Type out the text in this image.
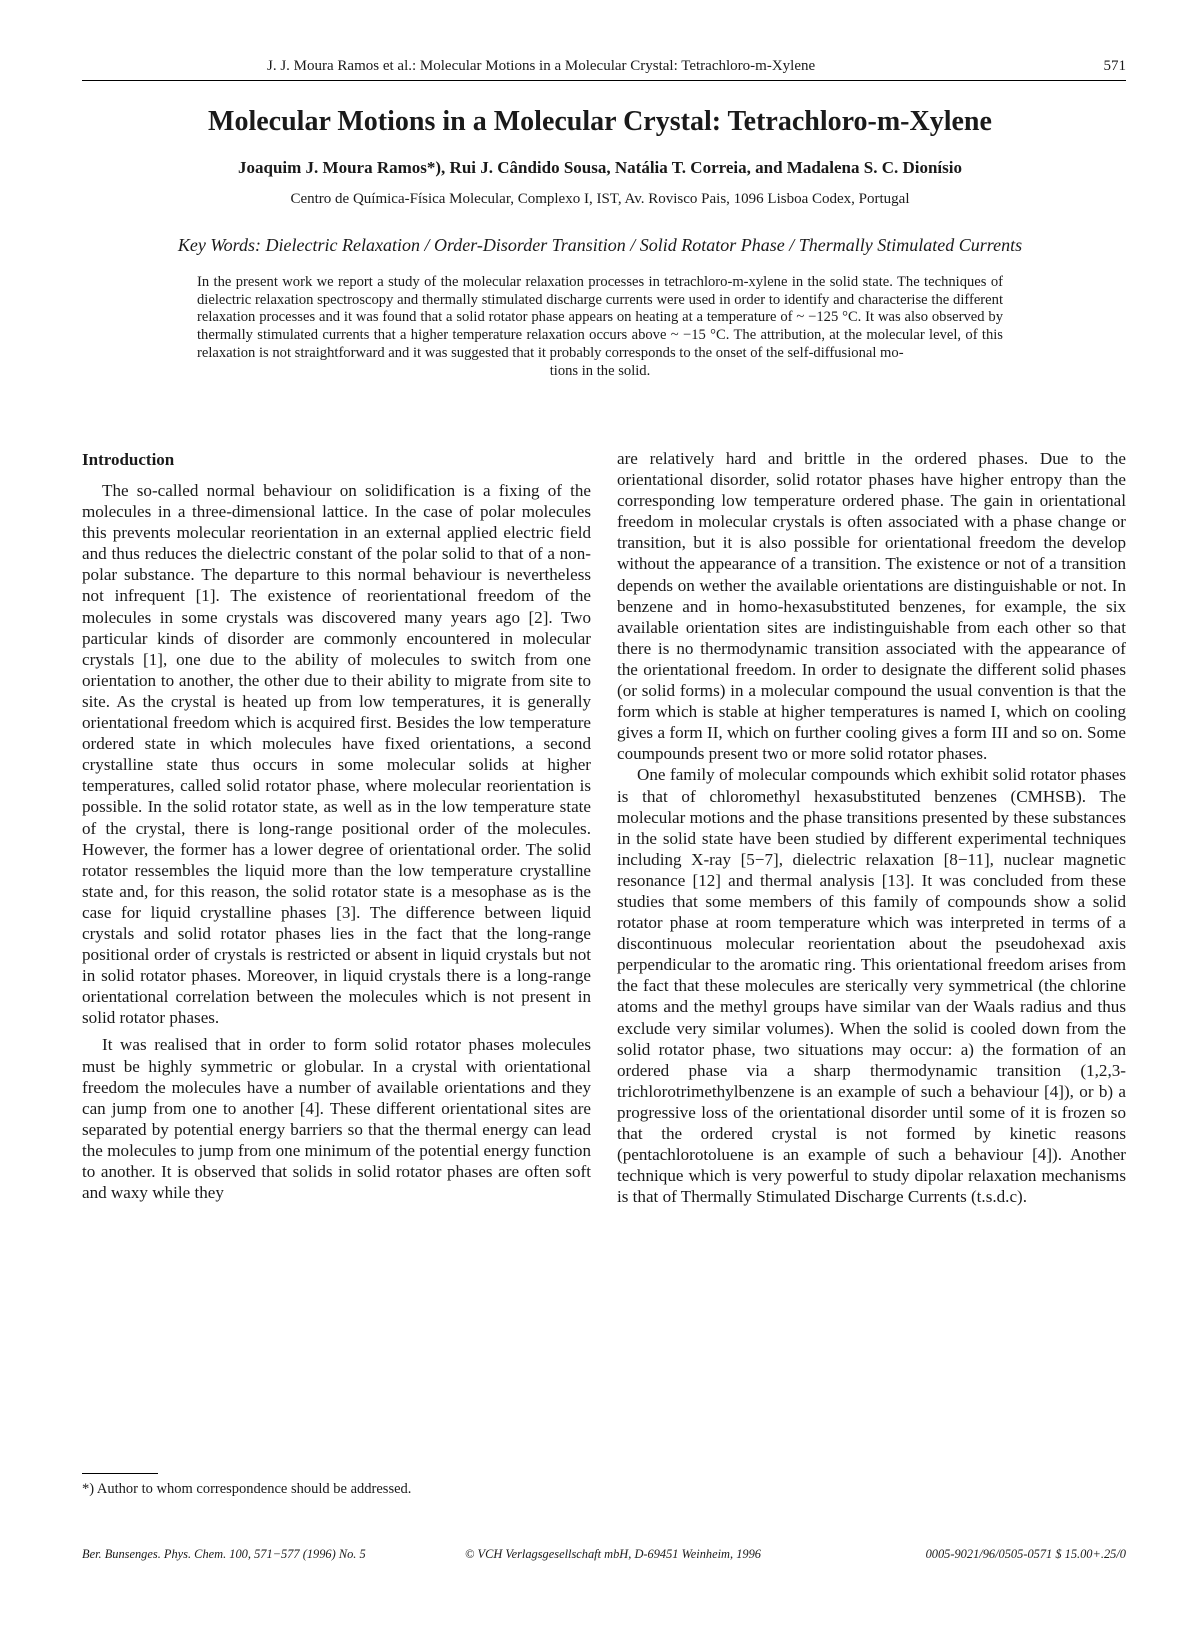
J. J. Moura Ramos et al.: Molecular Motions in a Molecular Crystal: Tetrachloro-m-Xylene	571
Molecular Motions in a Molecular Crystal: Tetrachloro-m-Xylene
Joaquim J. Moura Ramos*), Rui J. Cândido Sousa, Natália T. Correia, and Madalena S. C. Dionísio
Centro de Química-Física Molecular, Complexo I, IST, Av. Rovisco Pais, 1096 Lisboa Codex, Portugal
Key Words: Dielectric Relaxation / Order-Disorder Transition / Solid Rotator Phase / Thermally Stimulated Currents
In the present work we report a study of the molecular relaxation processes in tetrachloro-m-xylene in the solid state. The techniques of dielectric relaxation spectroscopy and thermally stimulated discharge currents were used in order to identify and characterise the different relaxation processes and it was found that a solid rotator phase appears on heating at a temperature of ~ −125 °C. It was also observed by thermally stimulated currents that a higher temperature relaxation occurs above ~ −15 °C. The attribution, at the molecular level, of this relaxation is not straightforward and it was suggested that it probably corresponds to the onset of the self-diffusional mo-
tions in the solid.
Introduction

The so-called normal behaviour on solidification is a fixing of the molecules in a three-dimensional lattice. In the case of polar molecules this prevents molecular reorientation in an external applied electric field and thus reduces the dielectric constant of the polar solid to that of a non-polar substance. The departure to this normal behaviour is nevertheless not infrequent [1]. The existence of reorientational freedom of the molecules in some crystals was discovered many years ago [2]. Two particular kinds of disorder are commonly encountered in molecular crystals [1], one due to the ability of molecules to switch from one orientation to another, the other due to their ability to migrate from site to site. As the crystal is heated up from low temperatures, it is generally orientational freedom which is acquired first. Besides the low temperature ordered state in which molecules have fixed orientations, a second crystalline state thus occurs in some molecular solids at higher temperatures, called solid rotator phase, where molecular reorientation is possible. In the solid rotator state, as well as in the low temperature state of the crystal, there is long-range positional order of the molecules. However, the former has a lower degree of orientational order. The solid rotator ressembles the liquid more than the low temperature crystalline state and, for this reason, the solid rotator state is a mesophase as is the case for liquid crystalline phases [3]. The difference between liquid crystals and solid rotator phases lies in the fact that the long-range positional order of crystals is restricted or absent in liquid crystals but not in solid rotator phases. Moreover, in liquid crystals there is a long-range orientational correlation between the molecules which is not present in solid rotator phases.

It was realised that in order to form solid rotator phases molecules must be highly symmetric or globular. In a crystal with orientational freedom the molecules have a number of available orientations and they can jump from one to another [4]. These different orientational sites are separated by potential energy barriers so that the thermal energy can lead the molecules to jump from one minimum of the potential energy function to another. It is observed that solids in solid rotator phases are often soft and waxy while they

are relatively hard and brittle in the ordered phases. Due to the orientational disorder, solid rotator phases have higher entropy than the corresponding low temperature ordered phase. The gain in orientational freedom in molecular crystals is often associated with a phase change or transition, but it is also possible for orientational freedom the develop without the appearance of a transition. The existence or not of a transition depends on wether the available orientations are distinguishable or not. In benzene and in homo-hexasubstituted benzenes, for example, the six available orientation sites are indistinguishable from each other so that there is no thermodynamic transition associated with the appearance of the orientational freedom. In order to designate the different solid phases (or solid forms) in a molecular compound the usual convention is that the form which is stable at higher temperatures is named I, which on cooling gives a form II, which on further cooling gives a form III and so on. Some coumpounds present two or more solid rotator phases.

One family of molecular compounds which exhibit solid rotator phases is that of chloromethyl hexasubstituted benzenes (CMHSB). The molecular motions and the phase transitions presented by these substances in the solid state have been studied by different experimental techniques including X-ray [5−7], dielectric relaxation [8−11], nuclear magnetic resonance [12] and thermal analysis [13]. It was concluded from these studies that some members of this family of compounds show a solid rotator phase at room temperature which was interpreted in terms of a discontinuous molecular reorientation about the pseudohexad axis perpendicular to the aromatic ring. This orientational freedom arises from the fact that these molecules are sterically very symmetrical (the chlorine atoms and the methyl groups have similar van der Waals radius and thus exclude very similar volumes). When the solid is cooled down from the solid rotator phase, two situations may occur: a) the formation of an ordered phase via a sharp thermodynamic transition (1,2,3-trichlorotrimethylbenzene is an example of such a behaviour [4]), or b) a progressive loss of the orientational disorder until some of it is frozen so that the ordered crystal is not formed by kinetic reasons (pentachlorotoluene is an example of such a behaviour [4]). Another technique which is very powerful to study dipolar relaxation mechanisms is that of Thermally Stimulated Discharge Currents (t.s.d.c).

*) Author to whom correspondence should be addressed.
Ber. Bunsenges. Phys. Chem. 100, 571−577 (1996) No. 5	© VCH Verlagsgesellschaft mbH, D-69451 Weinheim, 1996	0005-9021/96/0505-0571 $ 15.00+.25/0
